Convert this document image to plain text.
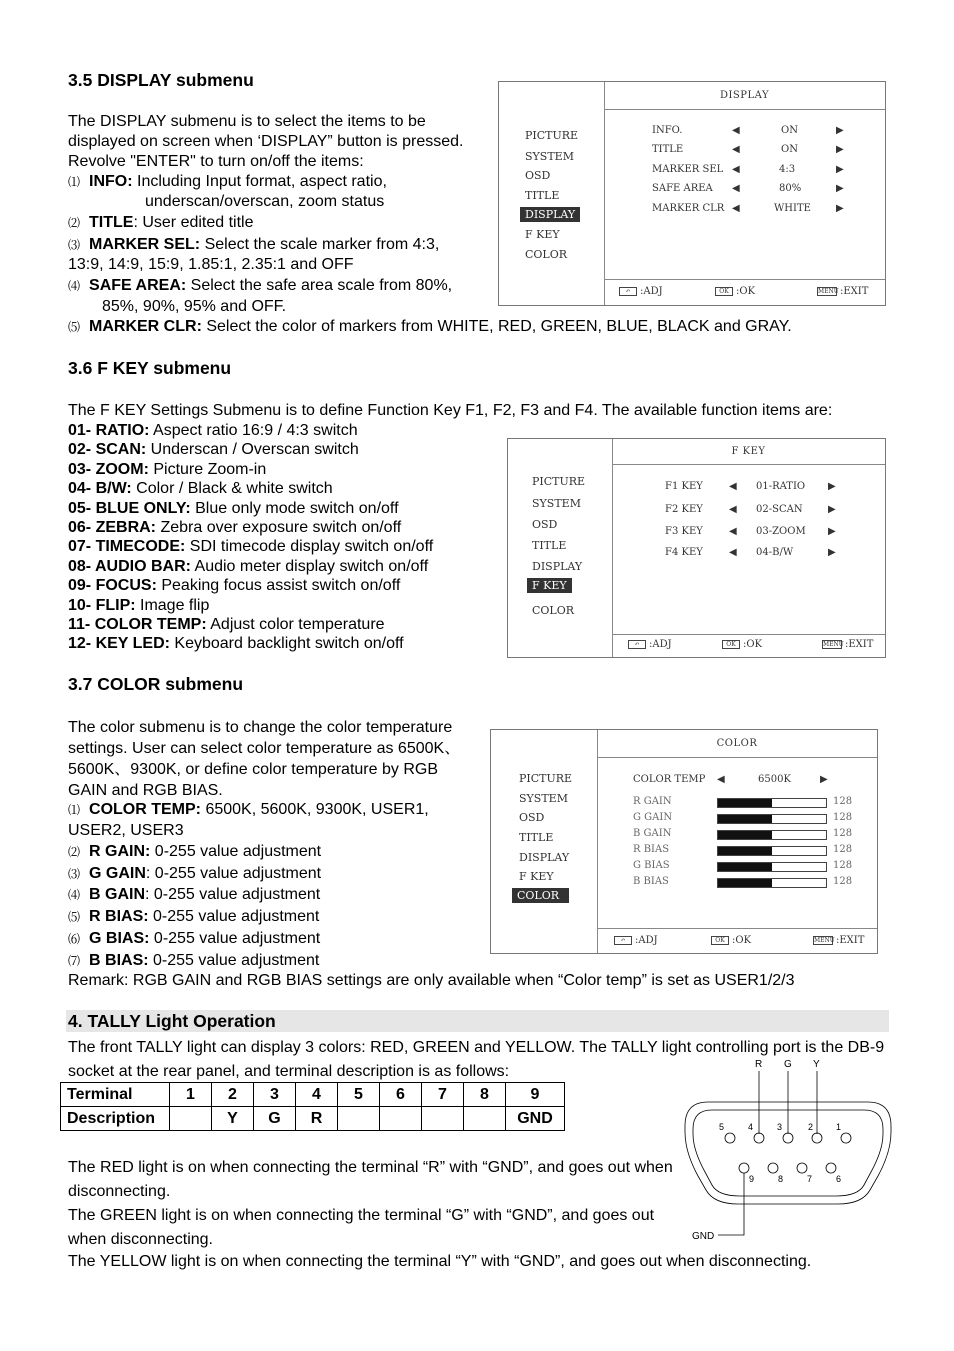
3.5 DISPLAY submenu

The DISPLAY submenu is to select the items to be displayed on screen when ‘DISPLAY” button is pressed. Revolve "ENTER" to turn on/off the items:

⑴ INFO: Including Input format, aspect ratio,
underscan/overscan, zoom status
⑵ TITLE: User edited title
⑶ MARKER SEL: Select the scale marker from 4:3,
13:9, 14:9, 15:9, 1.85:1, 2.35:1 and OFF
⑷ SAFE AREA: Select the safe area scale from 80%,
85%, 90%, 95% and OFF.
⑸ MARKER CLR: Select the color of markers from WHITE, RED, GREEN, BLUE, BLACK and GRAY.
DISPLAY
PICTURE
SYSTEM
OSD
TITLE
DISPLAY
F KEY
COLOR
INFO.	◀	ON	▶
TITLE	◀	ON	▶
MARKER SEL ◀	4:3	▶
SAFE AREA ◀	80%	▶
MARKER CLR ◀	WHITE	▶
↶ :ADJ	OK :OK	MENU:EXIT
3.6 F KEY submenu

The F KEY Settings Submenu is to define Function Key F1, F2, F3 and F4. The available function items are:

01- RATIO: Aspect ratio 16:9 / 4:3 switch
02- SCAN: Underscan / Overscan switch
03- ZOOM: Picture Zoom-in
04- B/W: Color / Black & white switch
05- BLUE ONLY: Blue only mode switch on/off
06- ZEBRA: Zebra over exposure switch on/off
07- TIMECODE: SDI timecode display switch on/off
08- AUDIO BAR: Audio meter display switch on/off
09- FOCUS: Peaking focus assist switch on/off
10- FLIP: Image flip
11- COLOR TEMP: Adjust color temperature
12- KEY LED: Keyboard backlight switch on/off
F KEY
PICTURE
SYSTEM
OSD
TITLE
DISPLAY
F KEY
COLOR
F1 KEY	◀ 01-RATIO ▶
F2 KEY	◀ 02-SCAN	▶
F3 KEY	◀ 03-ZOOM ▶
F4 KEY	◀ 04-B/W	▶
↶ :ADJ	OK :OK	MENU:EXIT
3.7 COLOR submenu

The color submenu is to change the color temperature settings. User can select color temperature as 6500K、5600K、9300K, or define color temperature by RGB GAIN and RGB BIAS.

⑴ COLOR TEMP: 6500K, 5600K, 9300K, USER1,
USER2, USER3
⑵ R GAIN: 0-255 value adjustment
⑶ G GAIN: 0-255 value adjustment
⑷ B GAIN: 0-255 value adjustment
⑸ R BIAS: 0-255 value adjustment
⑹ G BIAS: 0-255 value adjustment
⑺ B BIAS: 0-255 value adjustment
Remark: RGB GAIN and RGB BIAS settings are only available when “Color temp” is set as USER1/2/3
COLOR
PICTURE
SYSTEM
OSD
TITLE
DISPLAY
F KEY
COLOR
COLOR TEMP ◀	6500K	▶
R GAIN	128
G GAIN	128
B GAIN	128
R BIAS	128
G BIAS	128
B BIAS	128
↶ :ADJ	OK :OK	MENU:EXIT
4. TALLY Light Operation

The front TALLY light can display 3 colors: RED, GREEN and YELLOW. The TALLY light controlling port is the DB-9 socket at the rear panel, and terminal description is as follows:

Terminal	1	2	3	4	5	6	7	8	9
Description		Y	G	R					GND

The RED light is on when connecting the terminal “R” with “GND”, and goes out when disconnecting.

The GREEN light is on when connecting the terminal “G” with “GND”, and goes out when disconnecting.

The YELLOW light is on when connecting the terminal “Y” with “GND”, and goes out when disconnecting.

R G Y
5	4	3	2	1
9	8	7	6
GND
